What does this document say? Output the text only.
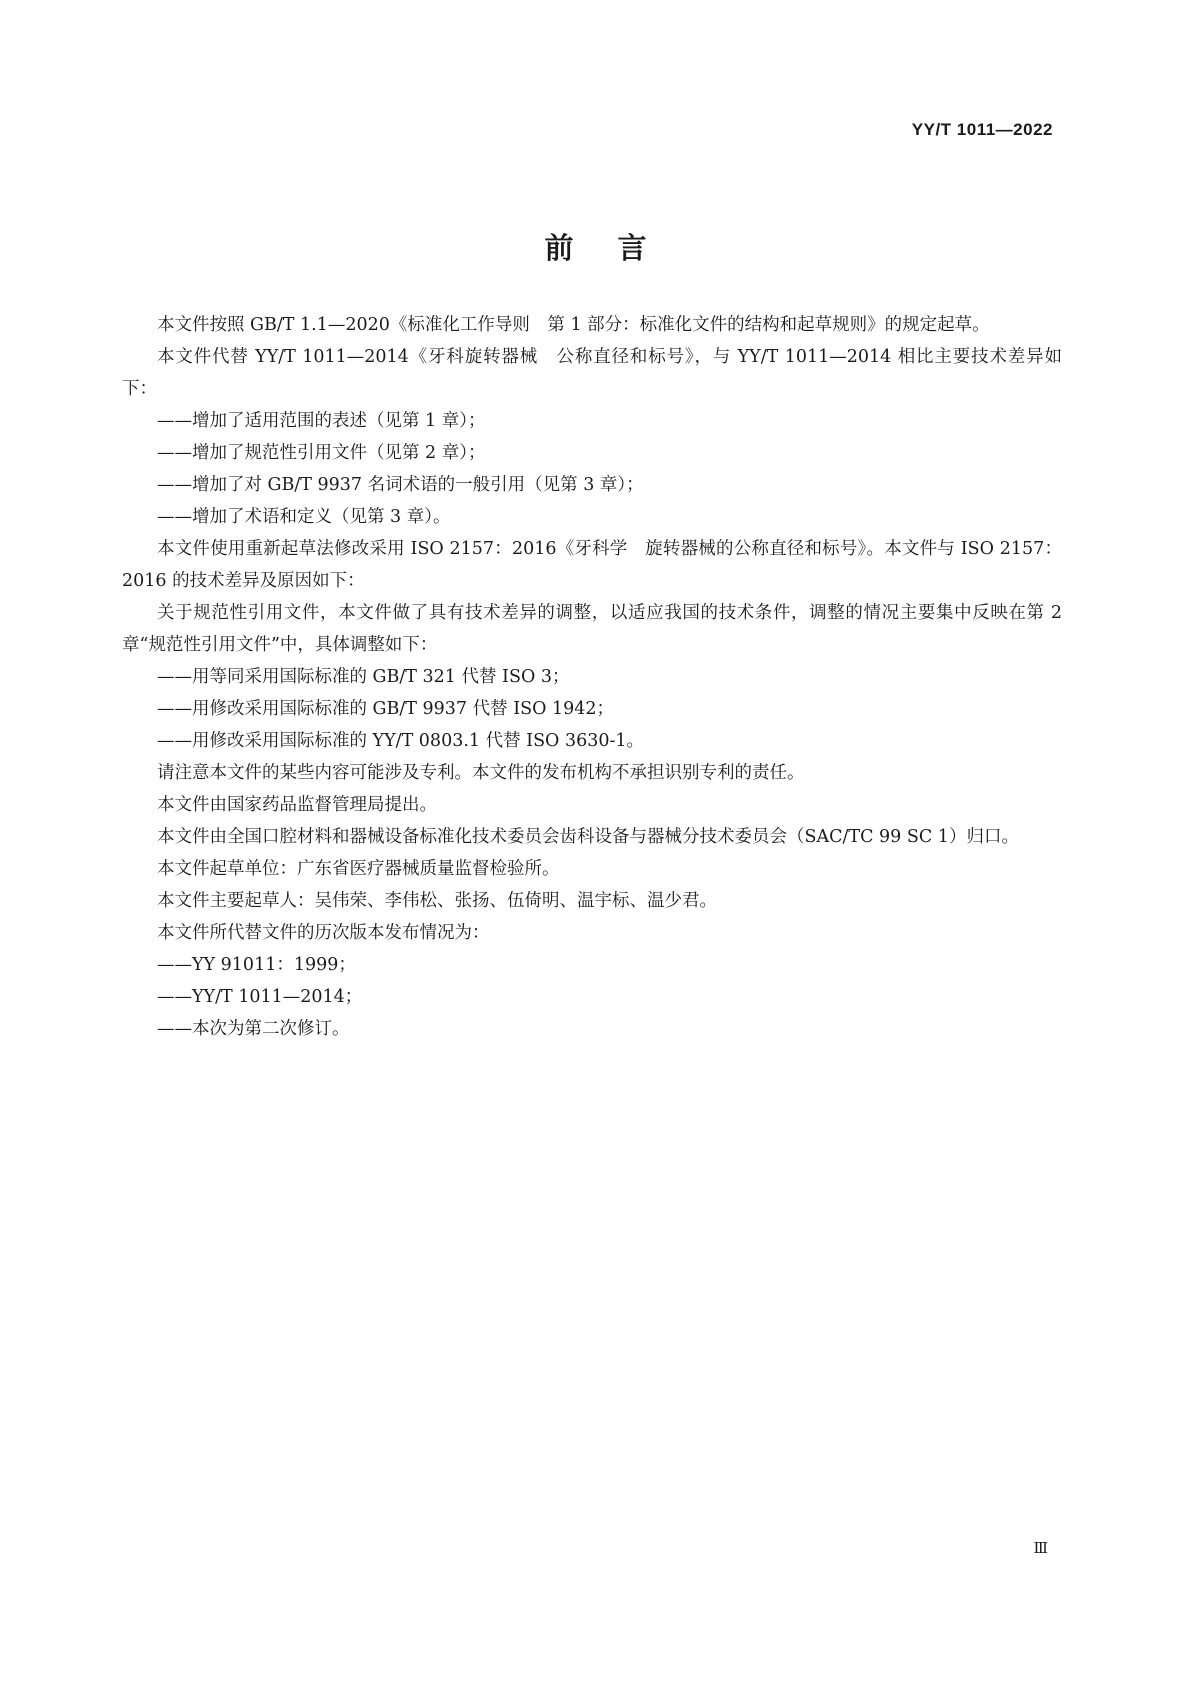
YY/T 1011—2022
前言

本文件按照 GB/T 1.1—2020《标准化工作导则　第 1 部分：标准化文件的结构和起草规则》的规定起草。

本文件代替 YY/T 1011—2014《牙科旋转器械　公称直径和标号》，与 YY/T 1011—2014 相比主要技术差异如下：

——增加了适用范围的表述（见第 1 章）；

——增加了规范性引用文件（见第 2 章）；

——增加了对 GB/T 9937 名词术语的一般引用（见第 3 章）；

——增加了术语和定义（见第 3 章）。

本文件使用重新起草法修改采用 ISO 2157：2016《牙科学　旋转器械的公称直径和标号》。本文件与 ISO 2157：2016 的技术差异及原因如下：

关于规范性引用文件，本文件做了具有技术差异的调整，以适应我国的技术条件，调整的情况主要集中反映在第 2 章“规范性引用文件”中，具体调整如下：

——用等同采用国际标准的 GB/T 321 代替 ISO 3；

——用修改采用国际标准的 GB/T 9937 代替 ISO 1942；

——用修改采用国际标准的 YY/T 0803.1 代替 ISO 3630-1。

请注意本文件的某些内容可能涉及专利。本文件的发布机构不承担识别专利的责任。

本文件由国家药品监督管理局提出。

本文件由全国口腔材料和器械设备标准化技术委员会齿科设备与器械分技术委员会（SAC/TC 99 SC 1）归口。

本文件起草单位：广东省医疗器械质量监督检验所。

本文件主要起草人：吴伟荣、李伟松、张扬、伍倚明、温宇标、温少君。

本文件所代替文件的历次版本发布情况为：

——YY 91011：1999；

——YY/T 1011—2014；

——本次为第二次修订。

Ⅲ
